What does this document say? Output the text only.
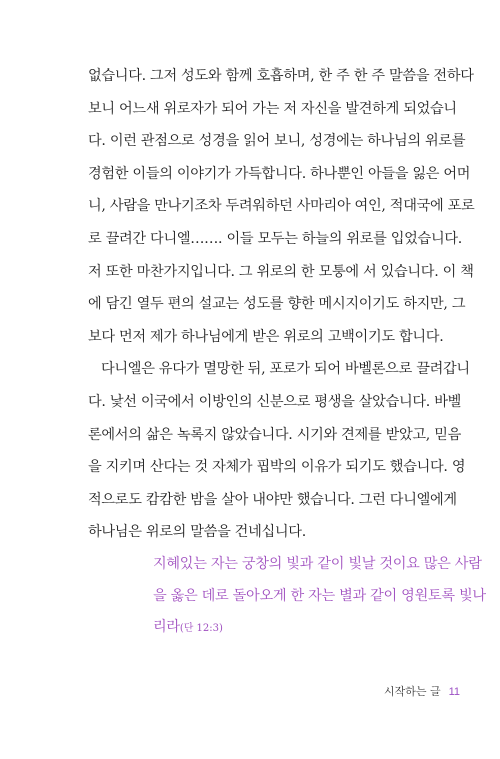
없습니다. 그저 성도와 함께 호흡하며, 한 주 한 주 말씀을 전하다
보니 어느새 위로자가 되어 가는 저 자신을 발견하게 되었습니
다. 이런 관점으로 성경을 읽어 보니, 성경에는 하나님의 위로를
경험한 이들의 이야기가 가득합니다. 하나뿐인 아들을 잃은 어머
니, 사람을 만나기조차 두려워하던 사마리아 여인, 적대국에 포로
로 끌려간 다니엘……. 이들 모두는 하늘의 위로를 입었습니다.
저 또한 마찬가지입니다. 그 위로의 한 모퉁에 서 있습니다. 이 책
에 담긴 열두 편의 설교는 성도를 향한 메시지이기도 하지만, 그
보다 먼저 제가 하나님에게 받은 위로의 고백이기도 합니다.
다니엘은 유다가 멸망한 뒤, 포로가 되어 바벨론으로 끌려갑니
다. 낯선 이국에서 이방인의 신분으로 평생을 살았습니다. 바벨
론에서의 삶은 녹록지 않았습니다. 시기와 견제를 받았고, 믿음
을 지키며 산다는 것 자체가 핍박의 이유가 되기도 했습니다. 영
적으로도 캄캄한 밤을 살아 내야만 했습니다. 그런 다니엘에게
하나님은 위로의 말씀을 건네십니다.
지혜있는 자는 궁창의 빛과 같이 빛날 것이요 많은 사람
을 옳은 데로 돌아오게 한 자는 별과 같이 영원토록 빛나
리라(단 12:3)
시작하는 글 11
